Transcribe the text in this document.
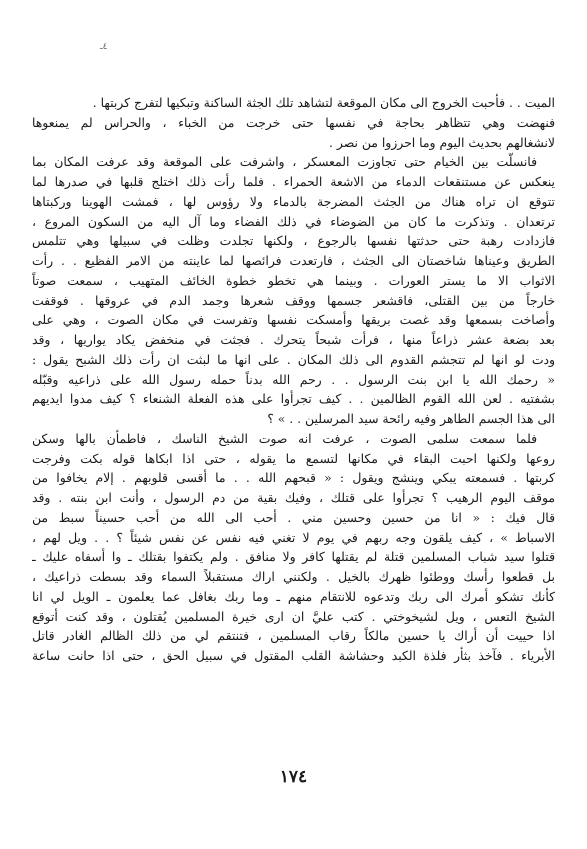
٤ـ
الميت . . فأحبت الخروج الى مكان الموقعة لتشاهد تلك الجثة الساكنة وتبكيها لتفرج كربتها .
فنهضت وهي تتظاهر بحاجة في نفسها حتى خرجت من الخباء ، والحراس لم يمنعوها
لانشغالهم بحديث اليوم وما احرزوا من نصر .
فانسلّت بين الخيام حتى تجاوزت المعسكر ، واشرفت على الموقعة وقد عرفت المكان بما
ينعكس عن مستنقعات الدماء من الاشعة الحمراء . فلما رأت ذلك اختلج قلبها في صدرها لما
تتوقع ان تراه هناك من الجثث المضرجة بالدماء ولا رؤوس لها ، فمشت الهوينا وركبتاها
ترتعدان . وتذكرت ما كان من الضوضاء في ذلك الفضاء وما آل اليه من السكون المروع ،
فازدادت رهبة حتى حدثتها نفسها بالرجوع ، ولكنها تجلدت وظلت في سبيلها وهي تتلمس
الطريق وعيناها شاخصتان الى الجثث ، فارتعدت فرائصها لما عاينته من الامر الفظيع . . رأت
الاثواب الا ما يستر العورات . وبينما هي تخطو خطوة الخائف المتهيب ، سمعت صوتاً
خارجاً من بين القتلى، فاقشعر جسمها ووقف شعرها وجمد الدم في عروقها . فوقفت
وأصاخت بسمعها وقد غصت بريقها وأمسكت نفسها وتفرست في مكان الصوت ، وهي على
بعد بضعة عشر ذراعاً منها ، فرأت شبحاً يتحرك . فجثت في منخفض يكاد يواريها ، وقد
ودت لو انها لم تتجشم القدوم الى ذلك المكان . على انها ما لبثت ان رأت ذلك الشبح يقول :
« رحمك الله يا ابن بنت الرسول . . رحم الله بدناً حمله رسول الله على ذراعيه وقبّله
بشفتيه . لعن الله القوم الظالمين . . كيف تجرأوا على هذه الفعلة الشنعاء ؟ كيف مدوا ايديهم
الى هذا الجسم الطاهر وفيه رائحة سيد المرسلين . . » ؟
فلما سمعت سلمى الصوت ، عرفت انه صوت الشيخ الناسك ، فاطمأن بالها وسكن
روعها ولكنها احبت البقاء في مكانها لتسمع ما يقوله ، حتى اذا ابكاها قوله بكت وفرجت
كربتها . فسمعته يبكي وينشج ويقول : « قبحهم الله . . ما أقسى قلوبهم . إلام يخافوا من
موقف اليوم الرهيب ؟ تجرأوا على قتلك ، وفيك بقية من دم الرسول ، وأنت ابن بنته . وقد
قال فيك : « انا من حسين وحسين مني . أحب الى الله من أحب حسيناً سبط من
الاسباط » ، كيف يلقون وجه ربهم في يوم لا تغني فيه نفس عن نفس شيئاً ؟ . . ويل لهم ،
قتلوا سيد شباب المسلمين قتلة لم يقتلها كافر ولا منافق . ولم يكتفوا بقتلك ـ وا أسفاه عليك ـ
بل قطعوا رأسك ووطئوا ظهرك بالخيل . ولكنني اراك مستقبلاً السماء وقد بسطت ذراعيك ،
كأنك تشكو أمرك الى ربك وتدعوه للانتقام منهم ـ وما ربك بغافل عما يعلمون ـ الويل لي انا
الشيخ التعس ، ويل لشيخوختي . كتب عليَّ ان ارى خيرة المسلمين يُقتلون ، وقد كنت أتوقع
اذا حييت أن أراك يا حسين مالكاً رقاب المسلمين ، فتنتقم لي من ذلك الظالم الغادر قاتل
الأبرياء . فآخذ بثأر فلذة الكبد وحشاشة القلب المقتول في سبيل الحق ، حتى اذا حانت ساعة
١٧٤
